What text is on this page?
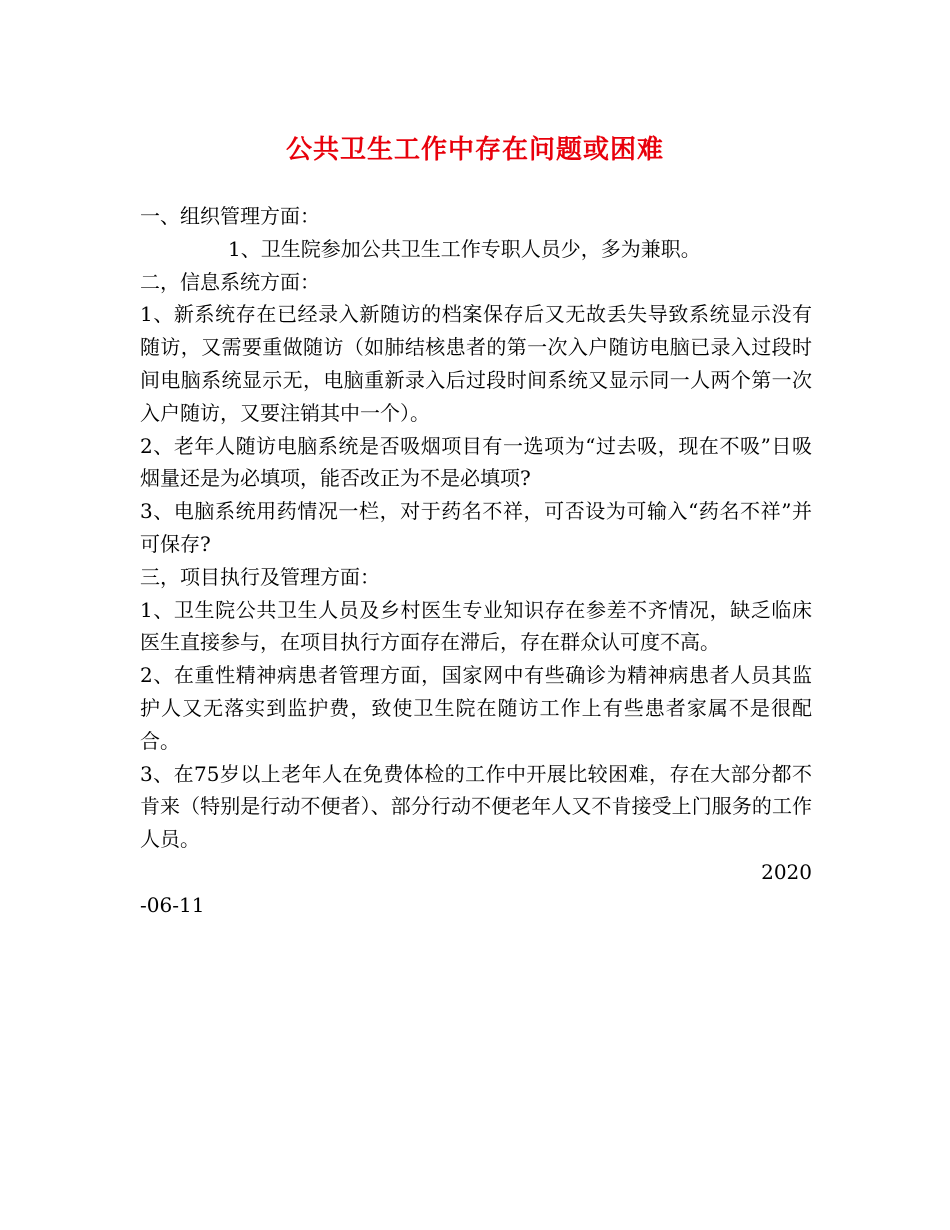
公共卫生工作中存在问题或困难

一、组织管理方面：

1、卫生院参加公共卫生工作专职人员少，多为兼职。

二，信息系统方面：

1、新系统存在已经录入新随访的档案保存后又无故丢失导致系统显示没有随访，又需要重做随访（如肺结核患者的第一次入户随访电脑已录入过段时间电脑系统显示无，电脑重新录入后过段时间系统又显示同一人两个第一次入户随访，又要注销其中一个）。

2、老年人随访电脑系统是否吸烟项目有一选项为“过去吸，现在不吸”日吸烟量还是为必填项，能否改正为不是必填项?

3、电脑系统用药情况一栏，对于药名不祥，可否设为可输入“药名不祥”并可保存?

三，项目执行及管理方面：

1、卫生院公共卫生人员及乡村医生专业知识存在参差不齐情况，缺乏临床医生直接参与，在项目执行方面存在滞后，存在群众认可度不高。

2、在重性精神病患者管理方面，国家网中有些确诊为精神病患者人员其监护人又无落实到监护费，致使卫生院在随访工作上有些患者家属不是很配合。

3、在75岁以上老年人在免费体检的工作中开展比较困难，存在大部分都不肯来（特别是行动不便者）、部分行动不便老年人又不肯接受上门服务的工作人员。

2020

-06-11
